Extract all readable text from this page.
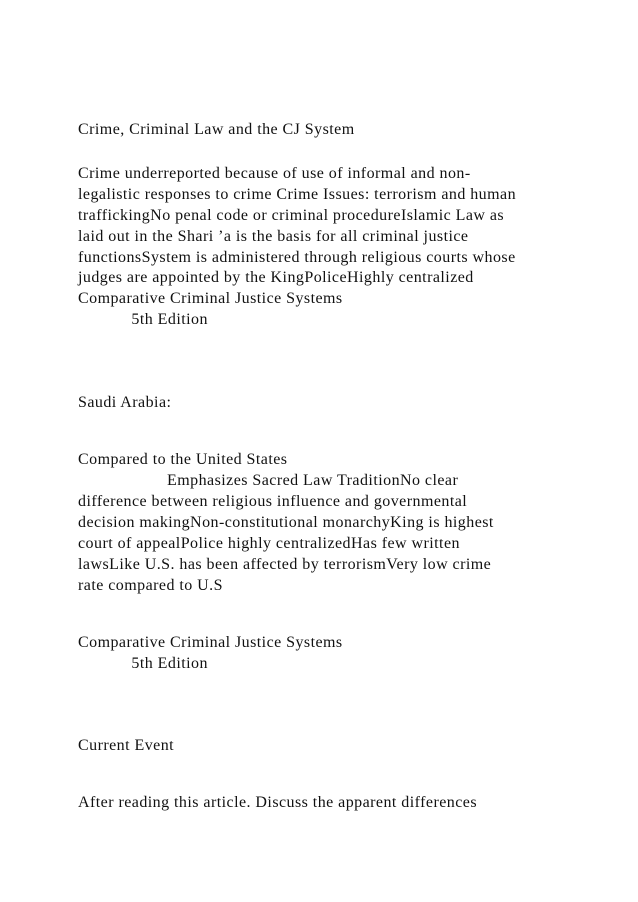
Crime, Criminal Law and the CJ System

Crime underreported because of use of informal and non-

legalistic responses to crime Crime Issues: terrorism and human

traffickingNo penal code or criminal procedureIslamic Law as

laid out in the Shari ’a is the basis for all criminal justice

functionsSystem is administered through religious courts whose

judges are appointed by the KingPoliceHighly centralized

Comparative Criminal Justice Systems

5th Edition

Saudi Arabia:

Compared to the United States

Emphasizes Sacred Law TraditionNo clear

difference between religious influence and governmental

decision makingNon-constitutional monarchyKing is highest

court of appealPolice highly centralizedHas few written

lawsLike U.S. has been affected by terrorismVery low crime

rate compared to U.S

Comparative Criminal Justice Systems

5th Edition

Current Event

After reading this article. Discuss the apparent differences
